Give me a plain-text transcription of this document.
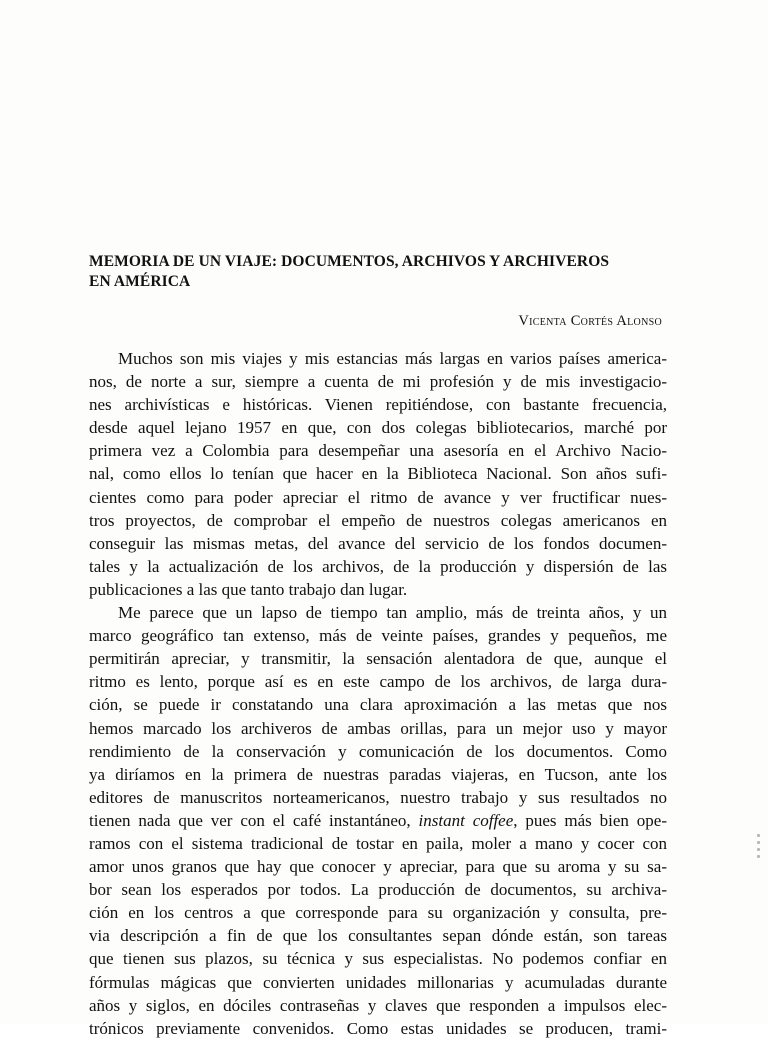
MEMORIA DE UN VIAJE: DOCUMENTOS, ARCHIVOS Y ARCHIVEROS
EN AMÉRICA

Vicenta Cortés Alonso

Muchos son mis viajes y mis estancias más largas en varios países america-
nos, de norte a sur, siempre a cuenta de mi profesión y de mis investigacio-
nes archivísticas e históricas. Vienen repitiéndose, con bastante frecuencia,
desde aquel lejano 1957 en que, con dos colegas bibliotecarios, marché por
primera vez a Colombia para desempeñar una asesoría en el Archivo Nacio-
nal, como ellos lo tenían que hacer en la Biblioteca Nacional. Son años sufi-
cientes como para poder apreciar el ritmo de avance y ver fructificar nues-
tros proyectos, de comprobar el empeño de nuestros colegas americanos en
conseguir las mismas metas, del avance del servicio de los fondos documen-
tales y la actualización de los archivos, de la producción y dispersión de las
publicaciones a las que tanto trabajo dan lugar.
Me parece que un lapso de tiempo tan amplio, más de treinta años, y un
marco geográfico tan extenso, más de veinte países, grandes y pequeños, me
permitirán apreciar, y transmitir, la sensación alentadora de que, aunque el
ritmo es lento, porque así es en este campo de los archivos, de larga dura-
ción, se puede ir constatando una clara aproximación a las metas que nos
hemos marcado los archiveros de ambas orillas, para un mejor uso y mayor
rendimiento de la conservación y comunicación de los documentos. Como
ya diríamos en la primera de nuestras paradas viajeras, en Tucson, ante los
editores de manuscritos norteamericanos, nuestro trabajo y sus resultados no
tienen nada que ver con el café instantáneo, instant coffee, pues más bien ope-
ramos con el sistema tradicional de tostar en paila, moler a mano y cocer con
amor unos granos que hay que conocer y apreciar, para que su aroma y su sa-
bor sean los esperados por todos. La producción de documentos, su archiva-
ción en los centros a que corresponde para su organización y consulta, pre-
via descripción a fin de que los consultantes sepan dónde están, son tareas
que tienen sus plazos, su técnica y sus especialistas. No podemos confiar en
fórmulas mágicas que convierten unidades millonarias y acumuladas durante
años y siglos, en dóciles contraseñas y claves que responden a impulsos elec-
trónicos previamente convenidos. Como estas unidades se producen, trami-
